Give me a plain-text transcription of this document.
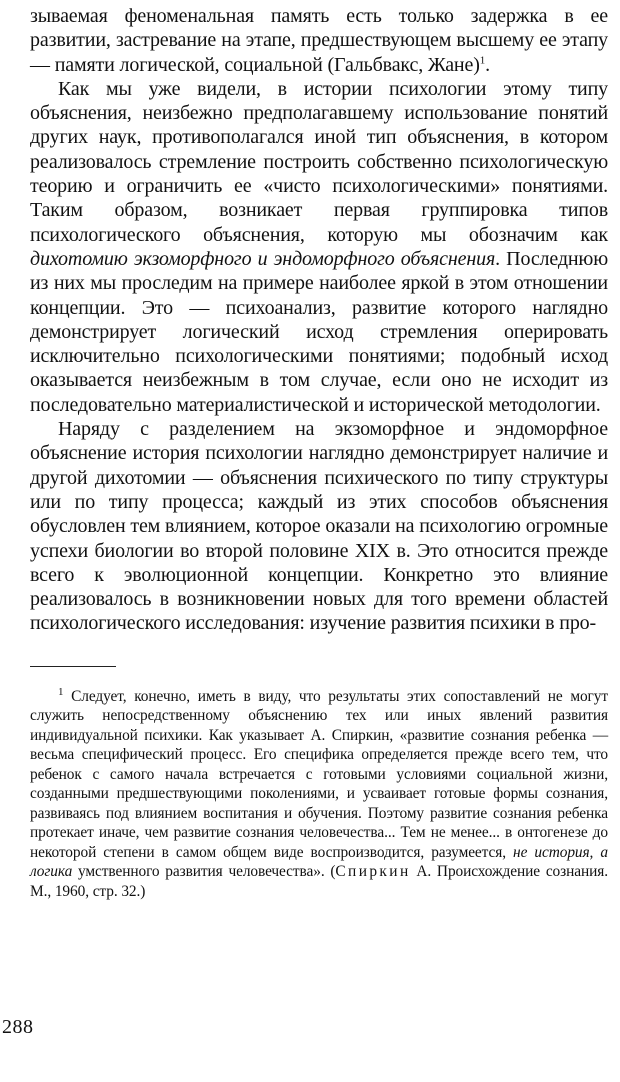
зываемая феноменальная память есть только задержка в ее развитии, застревание на этапе, предшествующем высшему ее этапу — памяти логической, социальной (Гальбвакс, Жане)$^1$.

Как мы уже видели, в истории психологии этому типу объяснения, неизбежно предполагавшему использование понятий других наук, противополагался иной тип объяснения, в котором реализовалось стремление построить собственно психологическую теорию и ограничить ее «чисто психологическими» понятиями. Таким образом, возникает первая группировка типов психологического объяснения, которую мы обозначим как дихотомию экзоморфного и эндоморфного объяснения. Последнюю из них мы проследим на примере наиболее яркой в этом отношении концепции. Это — психоанализ, развитие которого наглядно демонстрирует логический исход стремления оперировать исключительно психологическими понятиями; подобный исход оказывается неизбежным в том случае, если оно не исходит из последовательно материалистической и исторической методологии.

Наряду с разделением на экзоморфное и эндоморфное объяснение история психологии наглядно демонстрирует наличие и другой дихотомии — объяснения психического по типу структуры или по типу процесса; каждый из этих способов объяснения обусловлен тем влиянием, которое оказали на психологию огромные успехи биологии во второй половине XIX в. Это относится прежде всего к эволюционной концепции. Конкретно это влияние реализовалось в возникновении новых для того времени областей психологического исследования: изучение развития психики в про-

$^1$ Следует, конечно, иметь в виду, что результаты этих сопоставлений не могут служить непосредственному объяснению тех или иных явлений развития индивидуальной психики. Как указывает А. Спиркин, «развитие сознания ребенка — весьма специфический процесс. Его специфика определяется прежде всего тем, что ребенок с самого начала встречается с готовыми условиями социальной жизни, созданными предшествующими поколениями, и усваивает готовые формы сознания, развиваясь под влиянием воспитания и обучения. Поэтому развитие сознания ребенка протекает иначе, чем развитие сознания человечества... Тем не менее... в онтогенезе до некоторой степени в самом общем виде воспроизводится, разумеется, не история, а логика умственного развития человечества». (Спиркин А. Происхождение сознания. М., 1960, стр. 32.)

288
